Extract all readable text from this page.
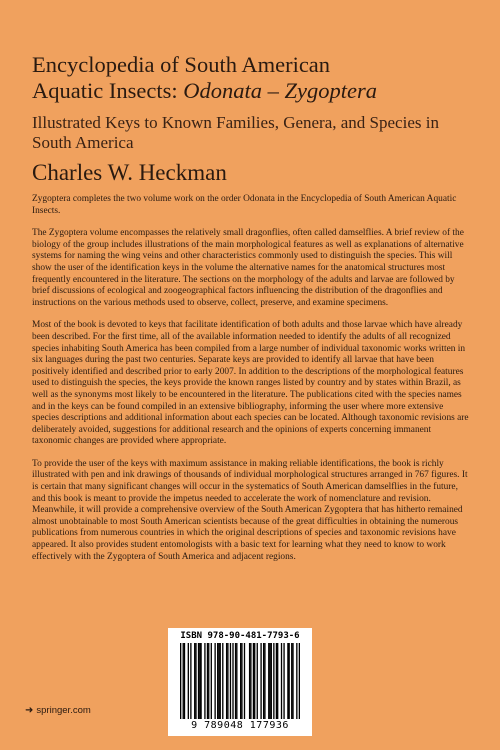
Encyclopedia of South American
Aquatic Insects: Odonata – Zygoptera

Illustrated Keys to Known Families, Genera, and Species in South America

Charles W. Heckman

Zygoptera completes the two volume work on the order Odonata in the Encyclopedia of South American Aquatic Insects.

The Zygoptera volume encompasses the relatively small dragonflies, often called damselflies. A brief review of the biology of the group includes illustrations of the main morphological features as well as explanations of alternative systems for naming the wing veins and other characteristics commonly used to distinguish the species. This will show the user of the identification keys in the volume the alternative names for the anatomical structures most frequently encountered in the literature. The sections on the morphology of the adults and larvae are followed by brief discussions of ecological and zoogeographical factors influencing the distribution of the dragonflies and instructions on the various methods used to observe, collect, preserve, and examine specimens.

Most of the book is devoted to keys that facilitate identification of both adults and those larvae which have already been described. For the first time, all of the available information needed to identify the adults of all recognized species inhabiting South America has been compiled from a large number of individual taxonomic works written in six languages during the past two centuries. Separate keys are provided to identify all larvae that have been positively identified and described prior to early 2007. In addition to the descriptions of the morphological features used to distinguish the species, the keys provide the known ranges listed by country and by states within Brazil, as well as the synonyms most likely to be encountered in the literature. The publications cited with the species names and in the keys can be found compiled in an extensive bibliography, informing the user where more extensive species descriptions and additional information about each species can be located. Although taxonomic revisions are deliberately avoided, suggestions for additional research and the opinions of experts concerning immanent taxonomic changes are provided where appropriate.

To provide the user of the keys with maximum assistance in making reliable identifications, the book is richly illustrated with pen and ink drawings of thousands of individual morphological structures arranged in 767 figures. It is certain that many significant changes will occur in the systematics of South American damselflies in the future, and this book is meant to provide the impetus needed to accelerate the work of nomenclature and revision. Meanwhile, it will provide a comprehensive overview of the South American Zygoptera that has hitherto remained almost unobtainable to most South American scientists because of the great difficulties in obtaining the numerous publications from numerous countries in which the original descriptions of species and taxonomic revisions have appeared. It also provides student entomologists with a basic text for learning what they need to know to work effectively with the Zygoptera of South America and adjacent regions.

ISBN 978-90-481-7793-6
9 789048 177936
➜ springer.com
